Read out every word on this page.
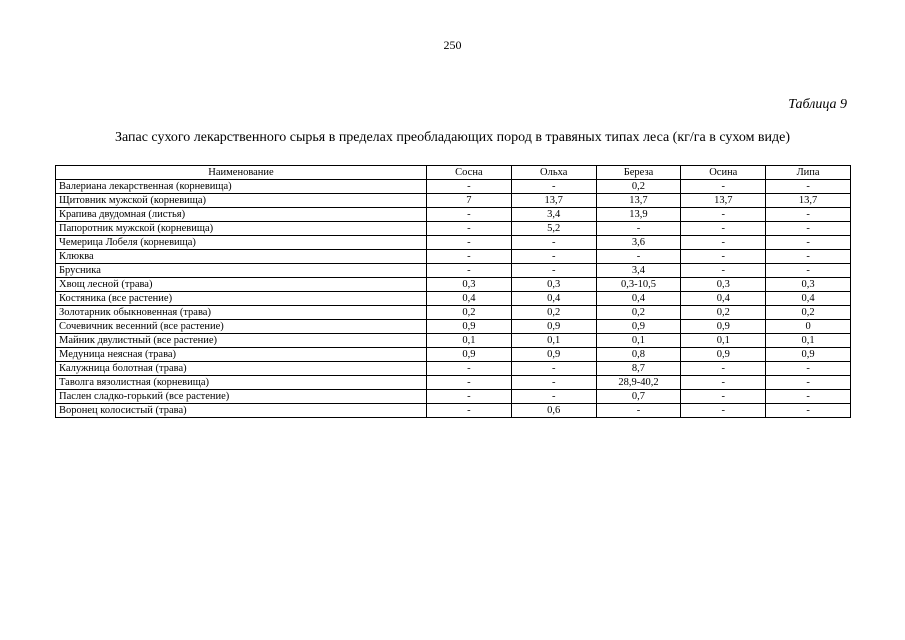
250
Таблица 9
Запас сухого лекарственного сырья в пределах преобладающих пород в травяных типах леса (кг/га в сухом виде)
Наименование	Сосна	Ольха	Береза	Осина	Липа
Валериана лекарственная (корневища)	-	-	0,2	-	-
Щитовник мужской (корневища)	7	13,7	13,7	13,7	13,7
Крапива двудомная (листья)	-	3,4	13,9	-	-
Папоротник мужской (корневища)	-	5,2	-	-	-
Чемерица Лобеля (корневища)	-	-	3,6	-	-
Клюква	-	-	-	-	-
Брусника	-	-	3,4	-	-
Хвощ лесной (трава)	0,3	0,3	0,3-10,5	0,3	0,3
Костяника (все растение)	0,4	0,4	0,4	0,4	0,4
Золотарник обыкновенная (трава)	0,2	0,2	0,2	0,2	0,2
Сочевичник весенний (все растение)	0,9	0,9	0,9	0,9	0
Майник двулистный (все растение)	0,1	0,1	0,1	0,1	0,1
Медуница неясная (трава)	0,9	0,9	0,8	0,9	0,9
Калужница болотная (трава)	-	-	8,7	-	-
Таволга вязолистная (корневища)	-	-	28,9-40,2	-	-
Паслен сладко-горький (все растение)	-	-	0,7	-	-
Воронец колосистый (трава)	-	0,6	-	-	-
